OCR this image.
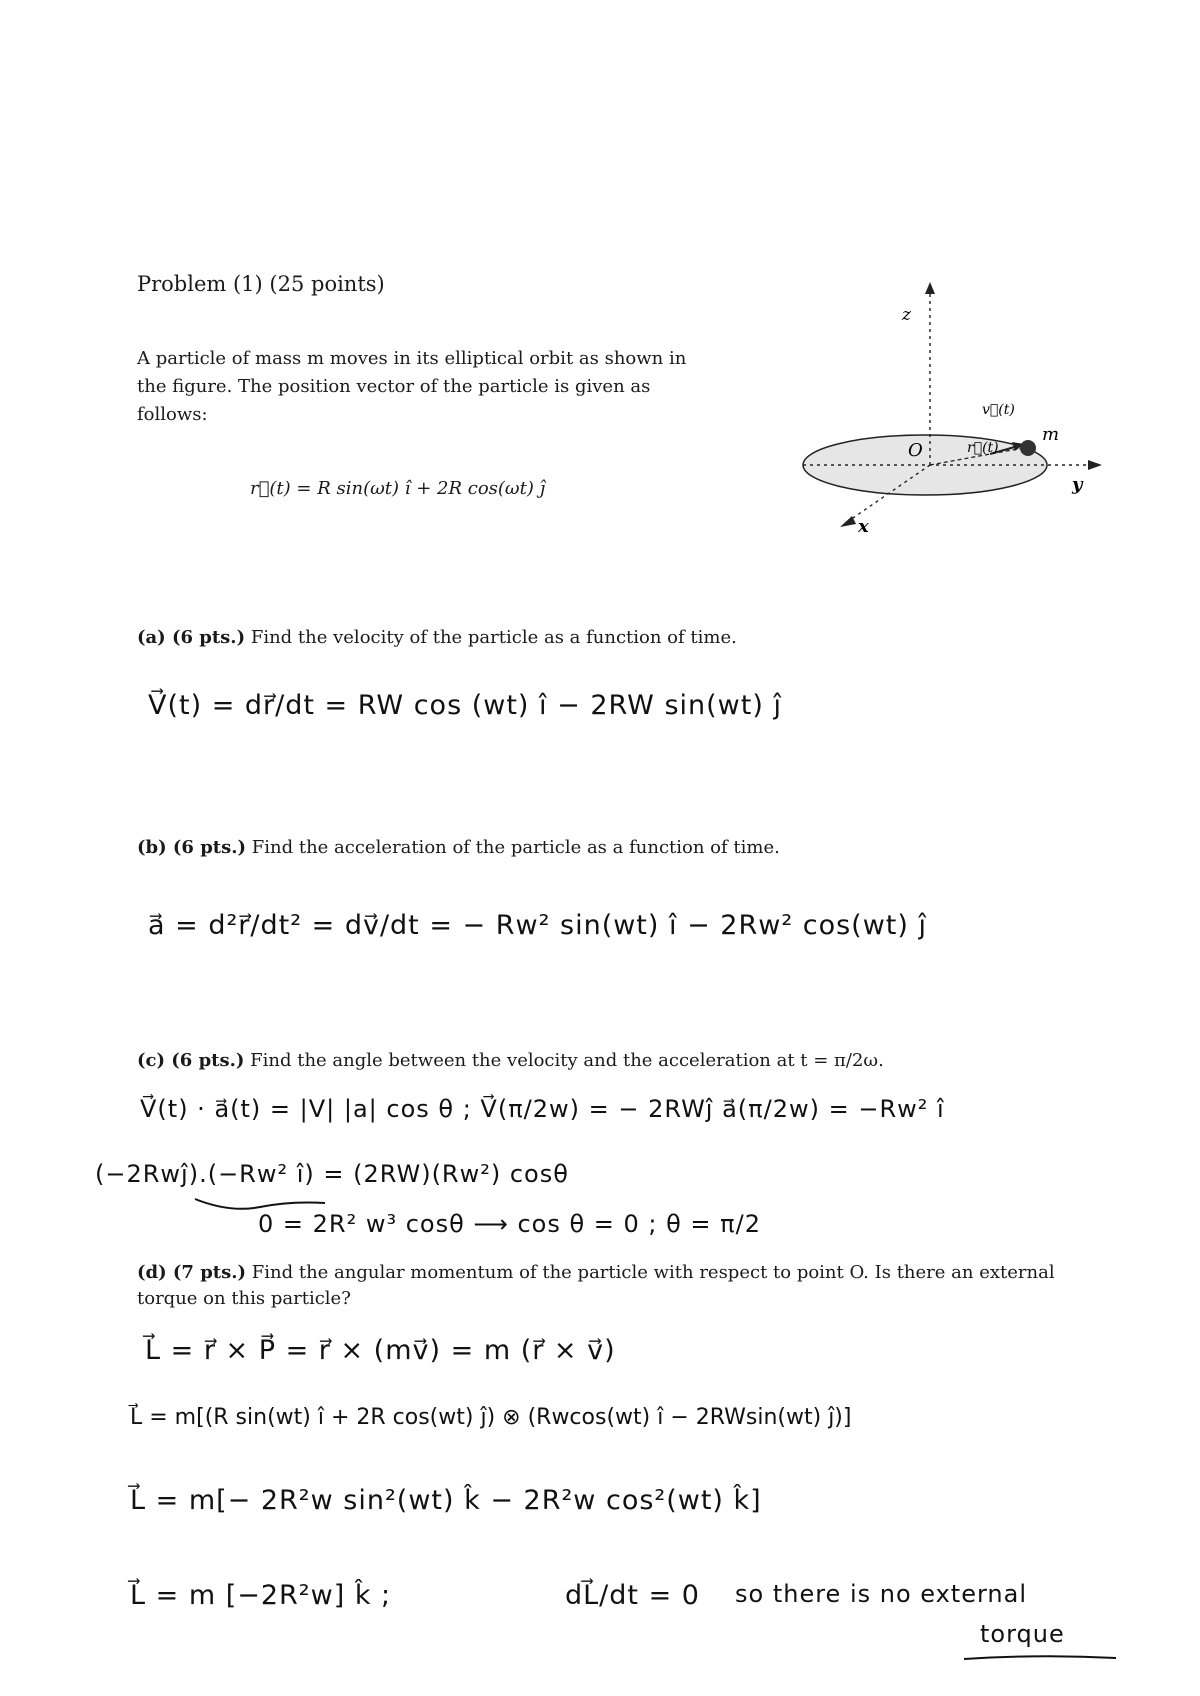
Problem (1) (25 points)
A particle of mass m moves in its elliptical orbit as shown in the figure. The position vector of the particle is given as follows:
r⃗(t) = R sin(ωt) î + 2R cos(ωt) ĵ
z
y
x
O
v⃗(t)
r⃗(t)
m
(a) (6 pts.) Find the velocity of the particle as a function of time.
V⃗(t) = dr⃗/dt = RW cos (wt) î − 2RW sin(wt) ĵ
(b) (6 pts.) Find the acceleration of the particle as a function of time.
a⃗ = d²r⃗/dt² = dv⃗/dt = − Rw² sin(wt) î − 2Rw² cos(wt) ĵ
(c) (6 pts.) Find the angle between the velocity and the acceleration at t = π/2ω.
V⃗(t) · a⃗(t) = |V| |a| cos θ ; V⃗(π/2w) = − 2RWĵ a⃗(π/2w) = −Rw² î
(−2Rwĵ).(−Rw² î) = (2RW)(Rw²) cosθ
0 = 2R² w³ cosθ ⟶ cos θ = 0 ; θ = π/2
(d) (7 pts.) Find the angular momentum of the particle with respect to point O. Is there an external torque on this particle?
L⃗ = r⃗ × P⃗ = r⃗ × (mv⃗) = m (r⃗ × v⃗)
L⃗ = m[(R sin(wt) î + 2R cos(wt) ĵ) ⊗ (Rwcos(wt) î − 2RWsin(wt) ĵ)]
L⃗ = m[− 2R²w sin²(wt) k̂ − 2R²w cos²(wt) k̂]
L⃗ = m [−2R²w] k̂ ;	dL⃗/dt = 0 so there is no external
torque
